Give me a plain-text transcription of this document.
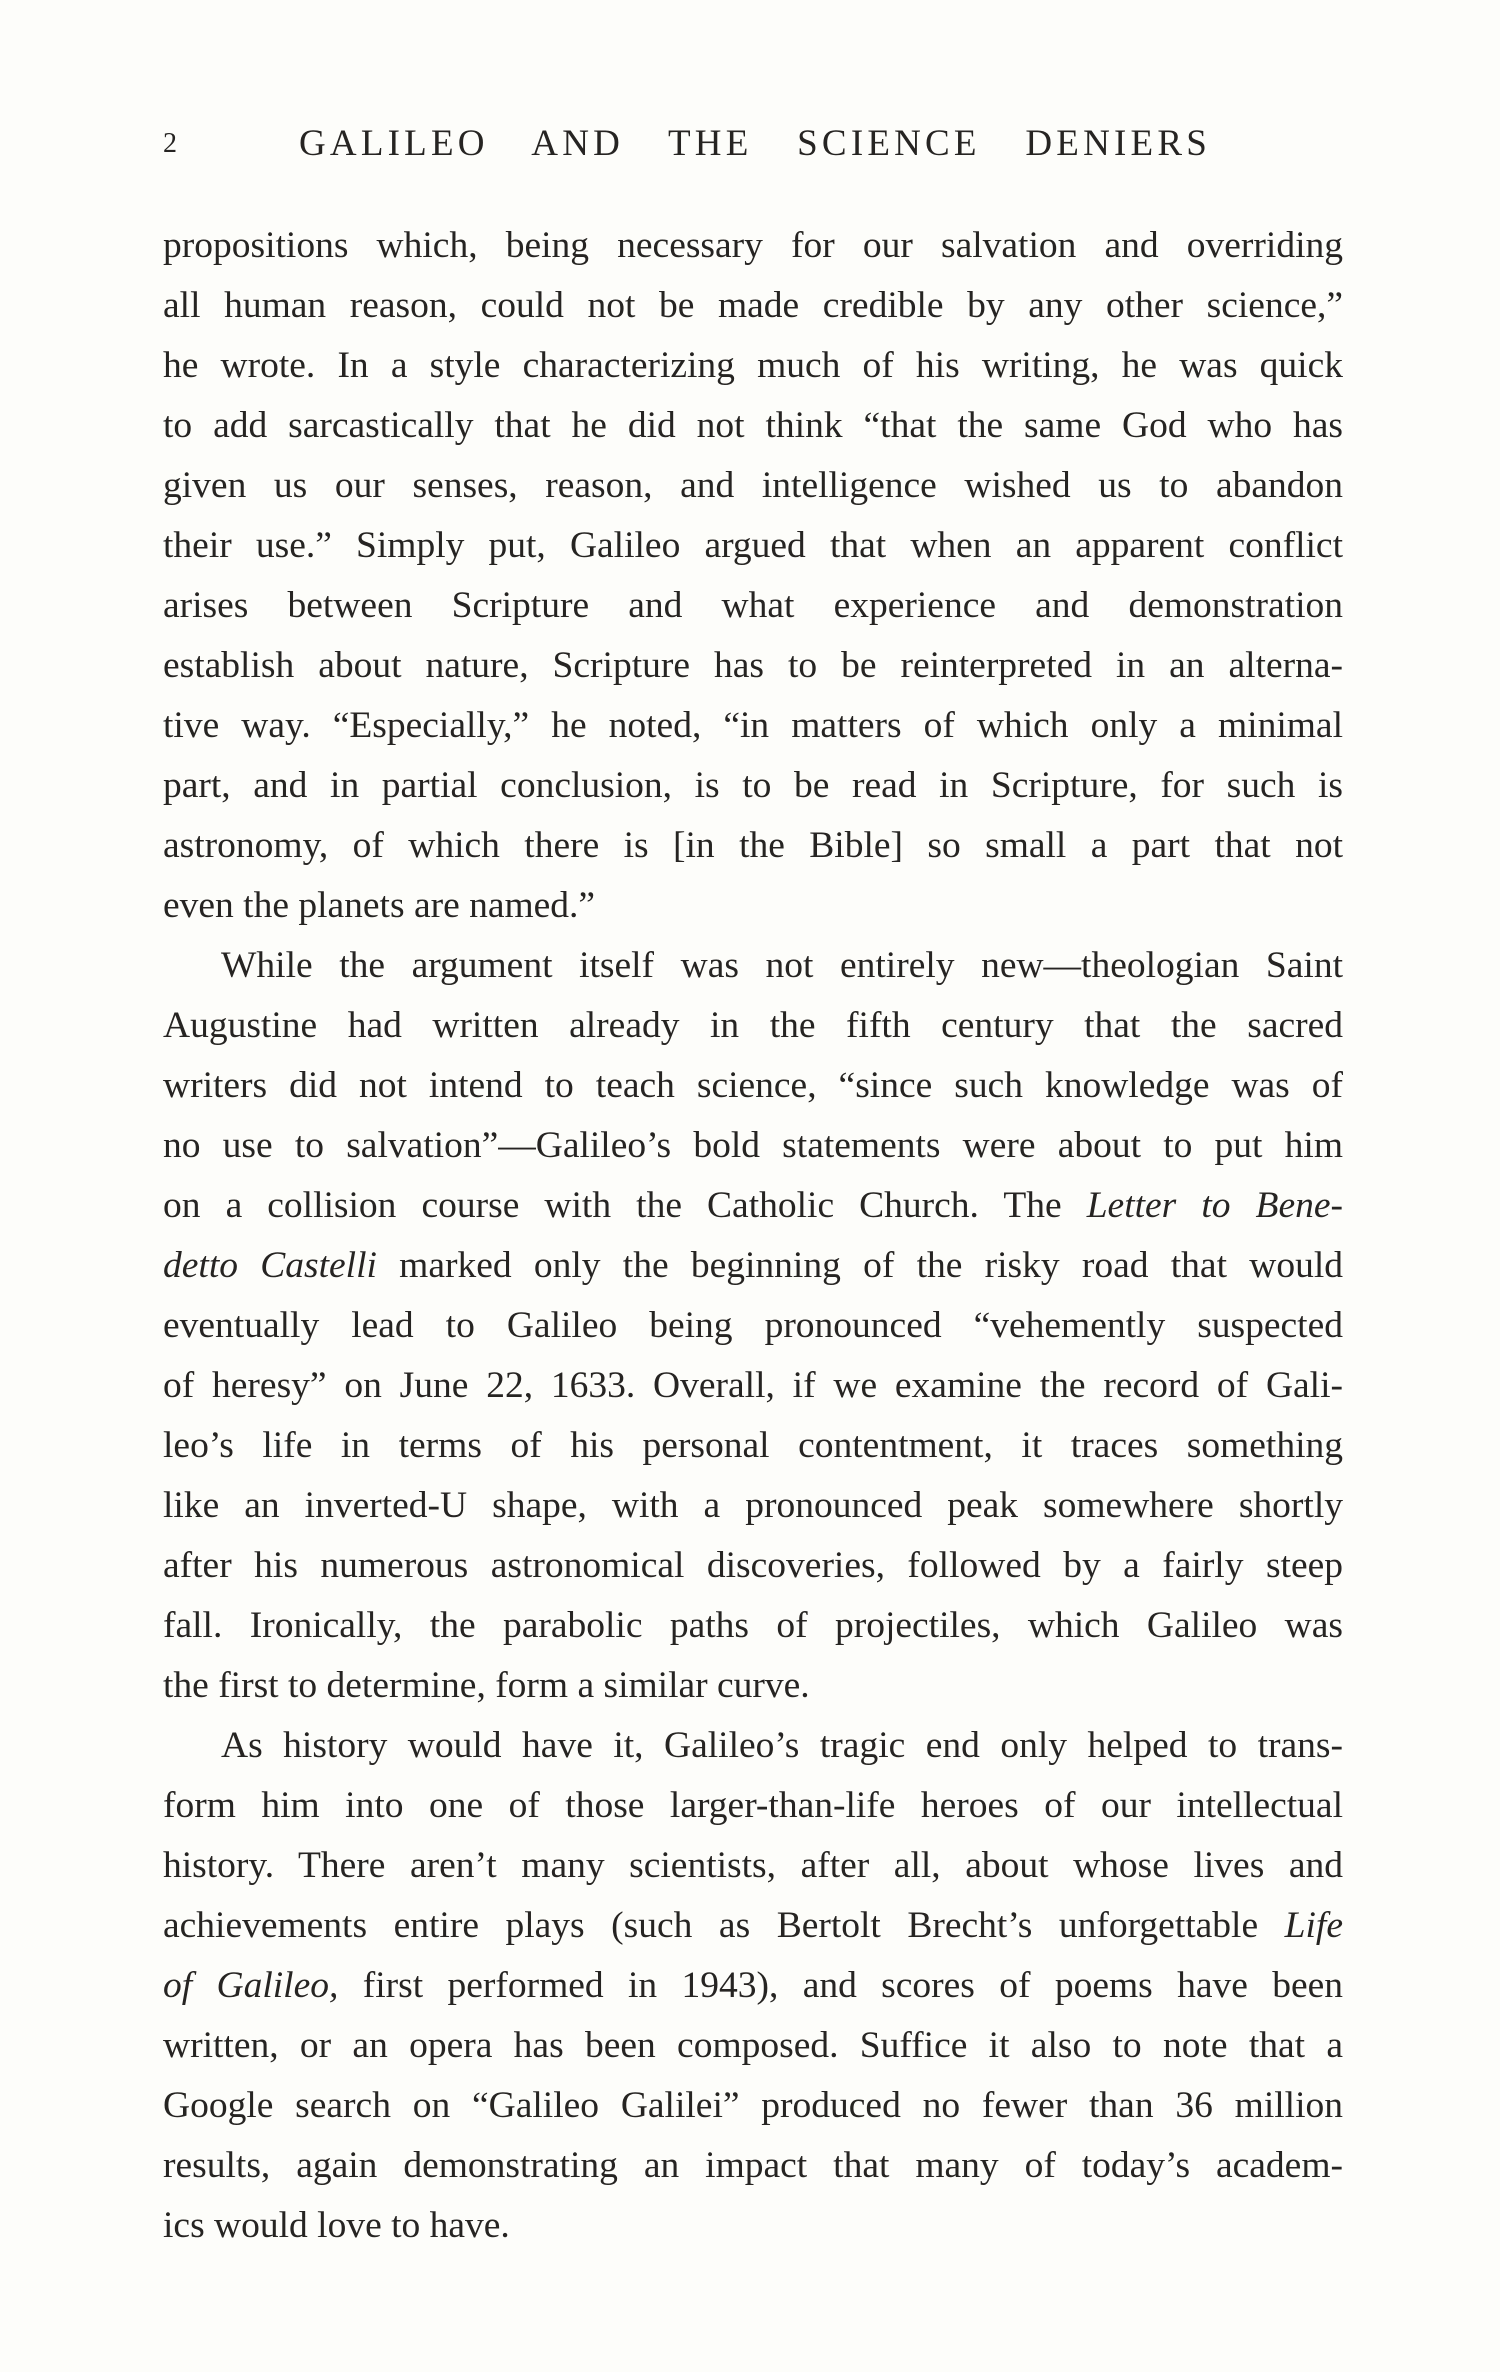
2	GALILEO AND THE SCIENCE DENIERS
propositions which, being necessary for our salvation and overriding
all human reason, could not be made credible by any other science,”
he wrote. In a style characterizing much of his writing, he was quick
to add sarcastically that he did not think “that the same God who has
given us our senses, reason, and intelligence wished us to abandon
their use.” Simply put, Galileo argued that when an apparent conflict
arises between Scripture and what experience and demonstration
establish about nature, Scripture has to be reinterpreted in an alterna-
tive way. “Especially,” he noted, “in matters of which only a minimal
part, and in partial conclusion, is to be read in Scripture, for such is
astronomy, of which there is [in the Bible] so small a part that not
even the planets are named.”
While the argument itself was not entirely new—theologian Saint
Augustine had written already in the fifth century that the sacred
writers did not intend to teach science, “since such knowledge was of
no use to salvation”—Galileo’s bold statements were about to put him
on a collision course with the Catholic Church. The Letter to Bene-
detto Castelli marked only the beginning of the risky road that would
eventually lead to Galileo being pronounced “vehemently suspected
of heresy” on June 22, 1633. Overall, if we examine the record of Gali-
leo’s life in terms of his personal contentment, it traces something
like an inverted-U shape, with a pronounced peak somewhere shortly
after his numerous astronomical discoveries, followed by a fairly steep
fall. Ironically, the parabolic paths of projectiles, which Galileo was
the first to determine, form a similar curve.
As history would have it, Galileo’s tragic end only helped to trans-
form him into one of those larger-than-life heroes of our intellectual
history. There aren’t many scientists, after all, about whose lives and
achievements entire plays (such as Bertolt Brecht’s unforgettable Life
of Galileo, first performed in 1943), and scores of poems have been
written, or an opera has been composed. Suffice it also to note that a
Google search on “Galileo Galilei” produced no fewer than 36 million
results, again demonstrating an impact that many of today’s academ-
ics would love to have.
